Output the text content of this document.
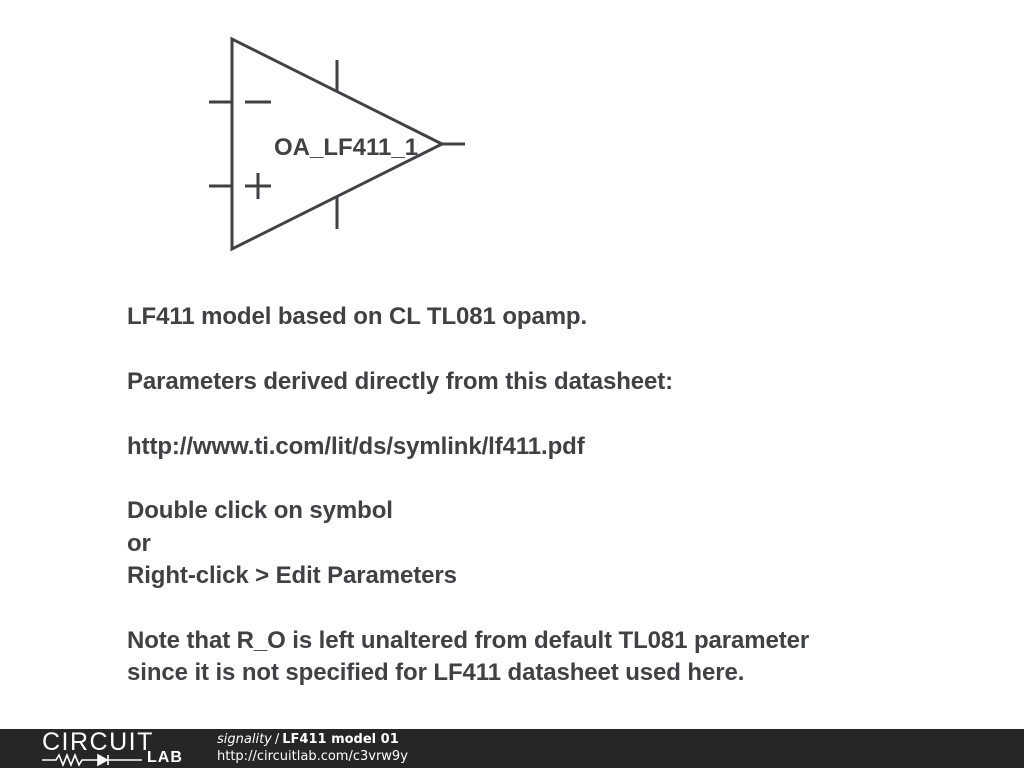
OA_LF411_1
LF411 model based on CL TL081 opamp.
Parameters derived directly from this datasheet:
http://www.ti.com/lit/ds/symlink/lf411.pdf
Double click on symbol
or
Right-click > Edit Parameters
Note that R_O is left unaltered from default TL081 parameter
since it is not specified for LF411 datasheet used here.
CIRCUIT
LAB
signality / LF411 model 01
http://circuitlab.com/c3vrw9y
